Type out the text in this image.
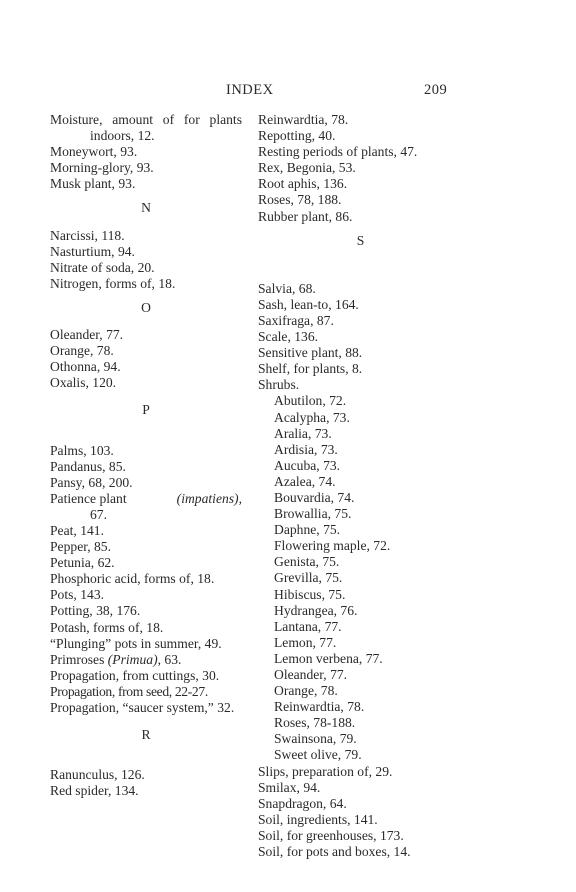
INDEX	209
Moisture, amount of for plants indoors, 12.
Moneywort, 93.
Morning-glory, 93.
Musk plant, 93.
N
Narcissi, 118.
Nasturtium, 94.
Nitrate of soda, 20.
Nitrogen, forms of, 18.
O
Oleander, 77.
Orange, 78.
Othonna, 94.
Oxalis, 120.
P
Palms, 103.
Pandanus, 85.
Pansy, 68, 200.
Patience plant	(impatiens),
67.
Peat, 141.
Pepper, 85.
Petunia, 62.
Phosphoric acid, forms of, 18.
Pots, 143.
Potting, 38, 176.
Potash, forms of, 18.
“Plunging” pots in summer, 49.
Primroses (Primua), 63.
Propagation, from cuttings, 30.
Propagation, from seed, 22-27.
Propagation, “saucer system,” 32.
R
Ranunculus, 126.
Red spider, 134.
Reinwardtia, 78.
Repotting, 40.
Resting periods of plants, 47.
Rex, Begonia, 53.
Root aphis, 136.
Roses, 78, 188.
Rubber plant, 86.
S
Salvia, 68.
Sash, lean-to, 164.
Saxifraga, 87.
Scale, 136.
Sensitive plant, 88.
Shelf, for plants, 8.
Shrubs.
Abutilon, 72.
Acalypha, 73.
Aralia, 73.
Ardisia, 73.
Aucuba, 73.
Azalea, 74.
Bouvardia, 74.
Browallia, 75.
Daphne, 75.
Flowering maple, 72.
Genista, 75.
Grevilla, 75.
Hibiscus, 75.
Hydrangea, 76.
Lantana, 77.
Lemon, 77.
Lemon verbena, 77.
Oleander, 77.
Orange, 78.
Reinwardtia, 78.
Roses, 78-188.
Swainsona, 79.
Sweet olive, 79.
Slips, preparation of, 29.
Smilax, 94.
Snapdragon, 64.
Soil, ingredients, 141.
Soil, for greenhouses, 173.
Soil, for pots and boxes, 14.
